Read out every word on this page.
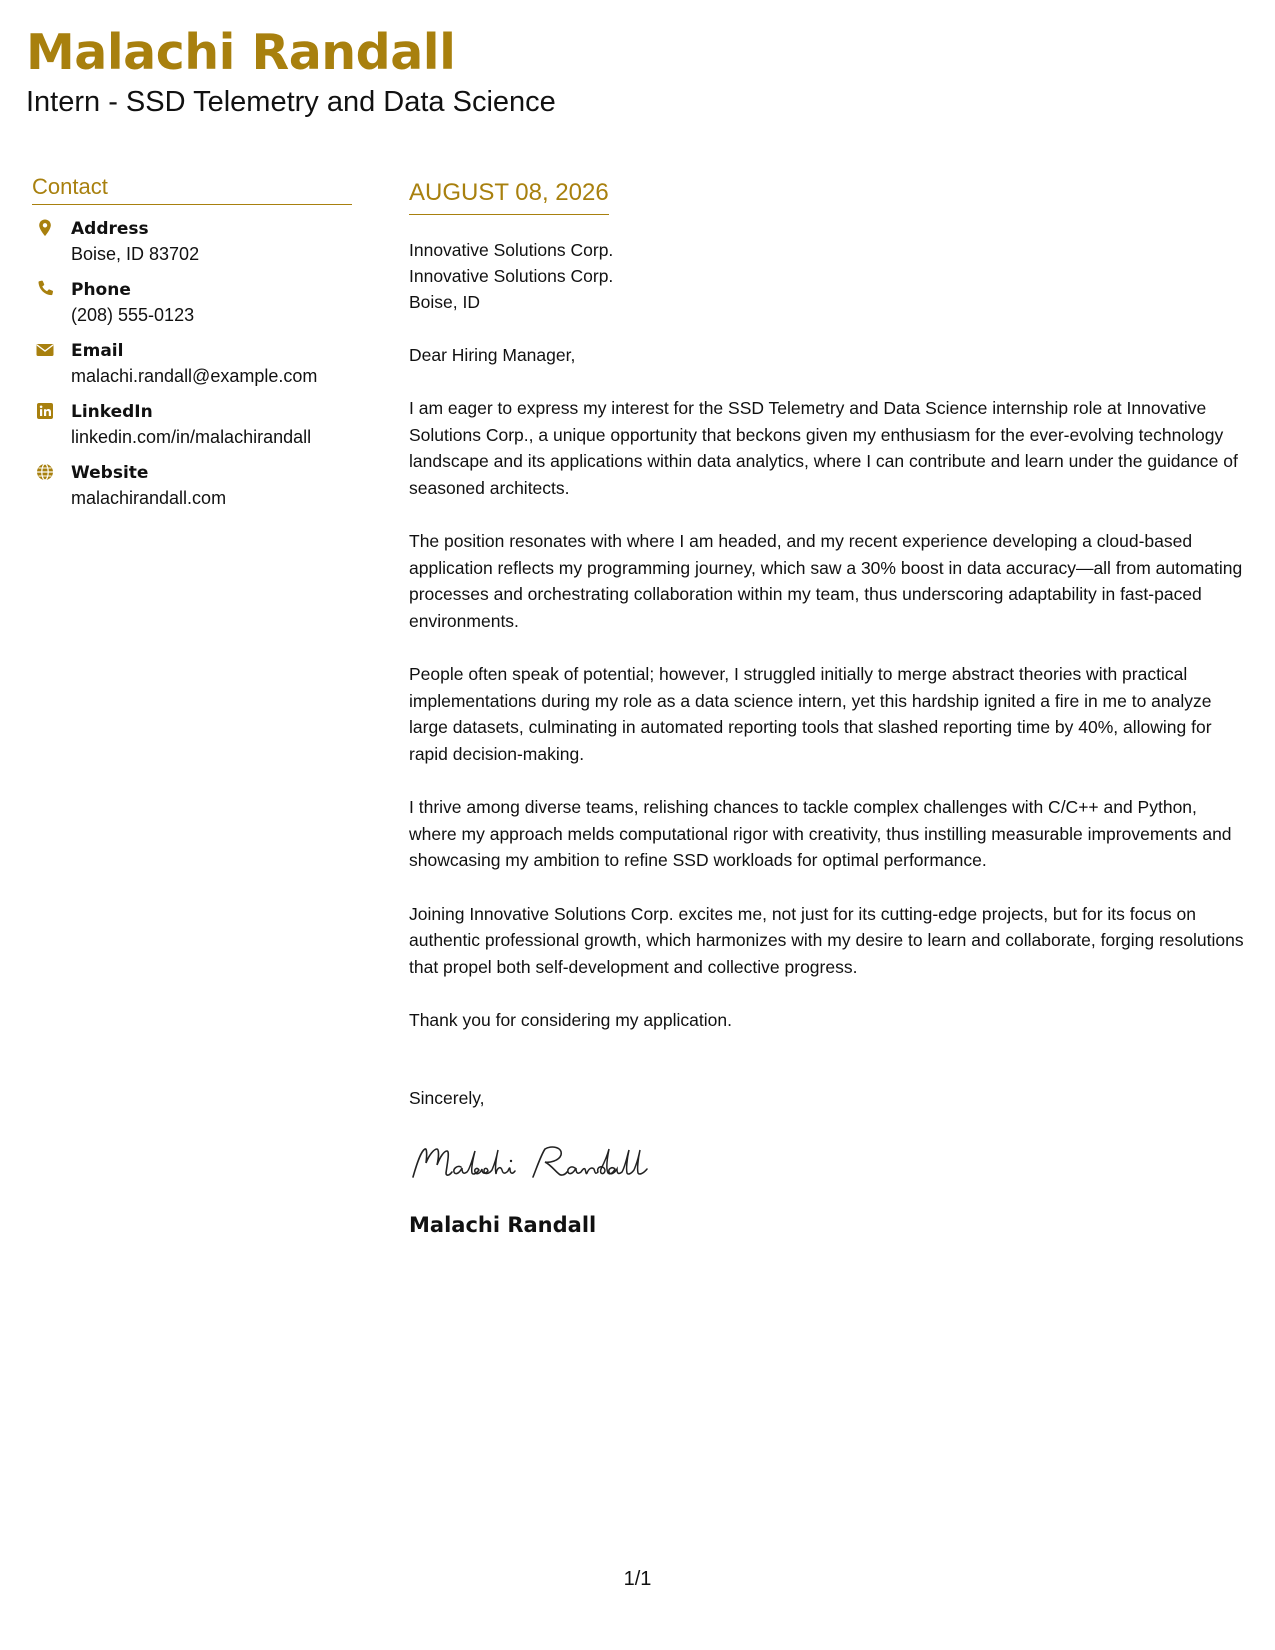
Malachi Randall

Intern - SSD Telemetry and Data Science

Contact
Address
Boise, ID 83702
Phone
(208) 555-0123
Email
malachi.randall@example.com
LinkedIn
linkedin.com/in/malachirandall
Website
malachirandall.com
AUGUST 08, 2026
Innovative Solutions Corp.
Innovative Solutions Corp.
Boise, ID
Dear Hiring Manager,
I am eager to express my interest for the SSD Telemetry and Data Science internship role at Innovative Solutions Corp., a unique opportunity that beckons given my enthusiasm for the ever-evolving technology landscape and its applications within data analytics, where I can contribute and learn under the guidance of seasoned architects.
The position resonates with where I am headed, and my recent experience developing a cloud-based application reflects my programming journey, which saw a 30% boost in data accuracy—all from automating processes and orchestrating collaboration within my team, thus underscoring adaptability in fast-paced environments.
People often speak of potential; however, I struggled initially to merge abstract theories with practical implementations during my role as a data science intern, yet this hardship ignited a fire in me to analyze large datasets, culminating in automated reporting tools that slashed reporting time by 40%, allowing for rapid decision-making.
I thrive among diverse teams, relishing chances to tackle complex challenges with C/C++ and Python, where my approach melds computational rigor with creativity, thus instilling measurable improvements and showcasing my ambition to refine SSD workloads for optimal performance.
Joining Innovative Solutions Corp. excites me, not just for its cutting-edge projects, but for its focus on authentic professional growth, which harmonizes with my desire to learn and collaborate, forging resolutions that propel both self-development and collective progress.
Thank you for considering my application.
Sincerely,
Malachi Randall
1/1
